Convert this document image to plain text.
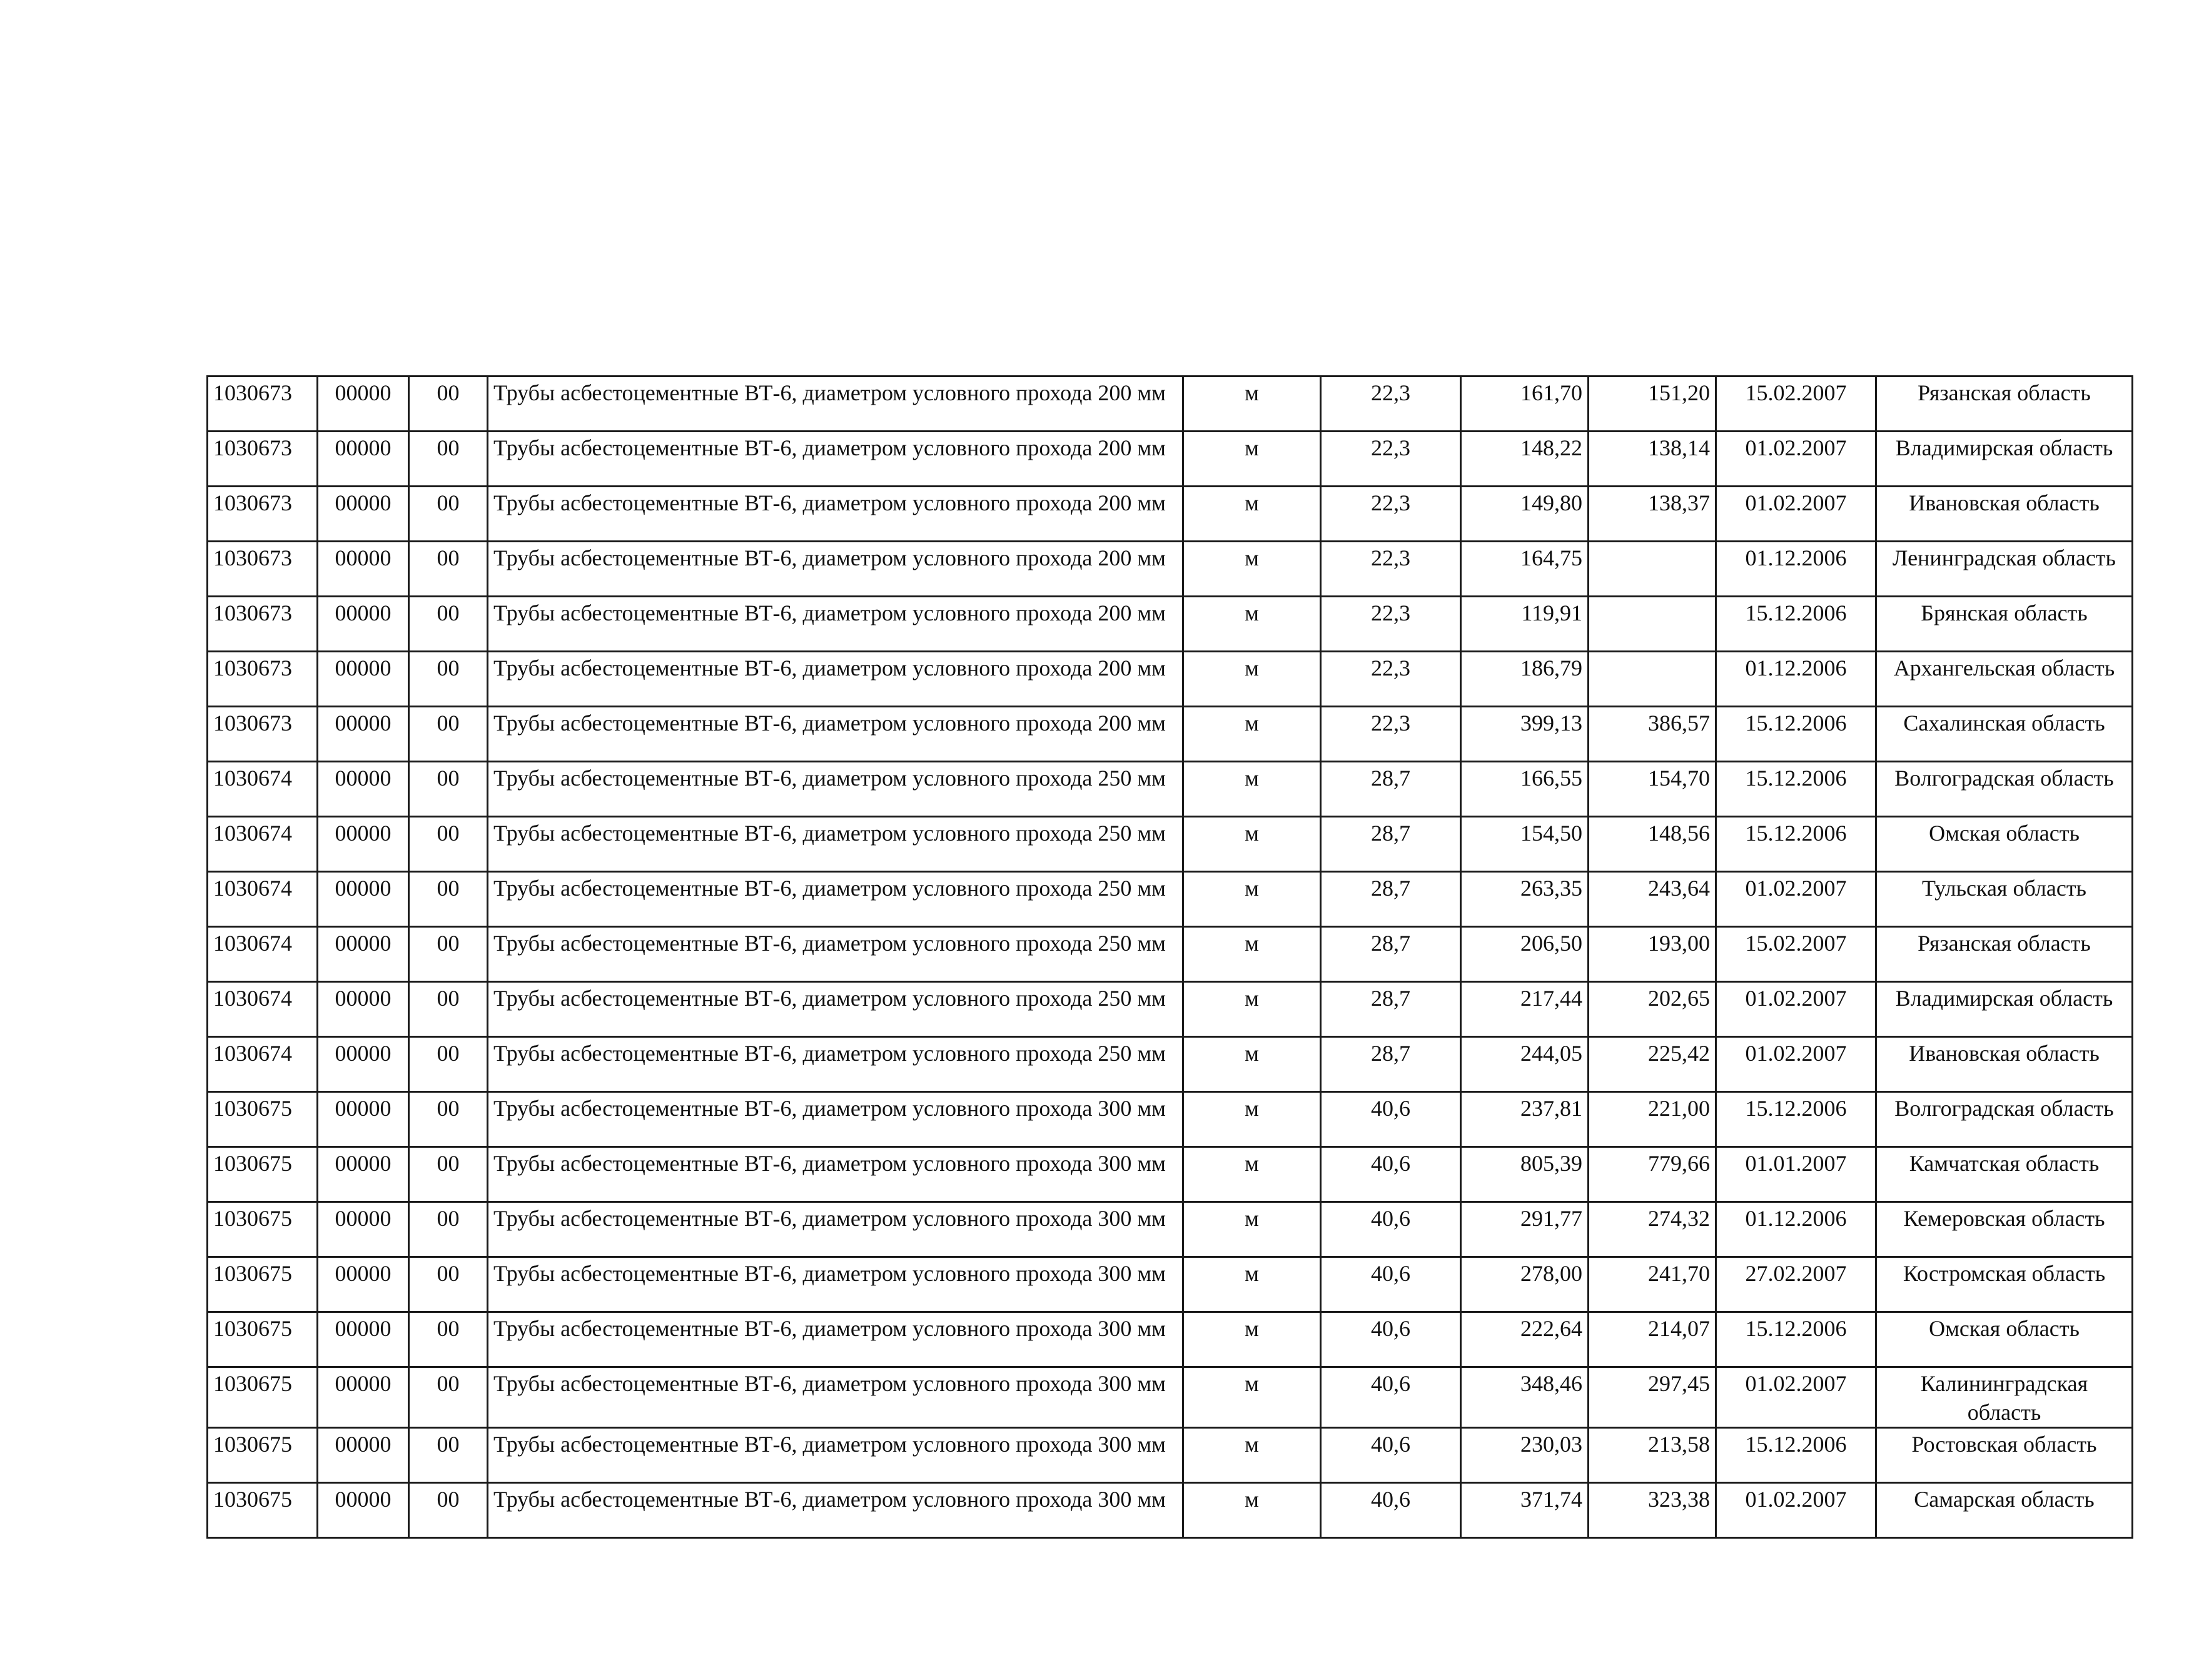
1030673	00000	00	Трубы асбестоцементные ВТ-6, диаметром условного прохода 200 мм	м	22,3	161,70	151,20	15.02.2007	Рязанская область
1030673	00000	00	Трубы асбестоцементные ВТ-6, диаметром условного прохода 200 мм	м	22,3	148,22	138,14	01.02.2007	Владимирская область
1030673	00000	00	Трубы асбестоцементные ВТ-6, диаметром условного прохода 200 мм	м	22,3	149,80	138,37	01.02.2007	Ивановская область
1030673	00000	00	Трубы асбестоцементные ВТ-6, диаметром условного прохода 200 мм	м	22,3	164,75		01.12.2006	Ленинградская область
1030673	00000	00	Трубы асбестоцементные ВТ-6, диаметром условного прохода 200 мм	м	22,3	119,91		15.12.2006	Брянская область
1030673	00000	00	Трубы асбестоцементные ВТ-6, диаметром условного прохода 200 мм	м	22,3	186,79		01.12.2006	Архангельская область
1030673	00000	00	Трубы асбестоцементные ВТ-6, диаметром условного прохода 200 мм	м	22,3	399,13	386,57	15.12.2006	Сахалинская область
1030674	00000	00	Трубы асбестоцементные ВТ-6, диаметром условного прохода 250 мм	м	28,7	166,55	154,70	15.12.2006	Волгоградская область
1030674	00000	00	Трубы асбестоцементные ВТ-6, диаметром условного прохода 250 мм	м	28,7	154,50	148,56	15.12.2006	Омская область
1030674	00000	00	Трубы асбестоцементные ВТ-6, диаметром условного прохода 250 мм	м	28,7	263,35	243,64	01.02.2007	Тульская область
1030674	00000	00	Трубы асбестоцементные ВТ-6, диаметром условного прохода 250 мм	м	28,7	206,50	193,00	15.02.2007	Рязанская область
1030674	00000	00	Трубы асбестоцементные ВТ-6, диаметром условного прохода 250 мм	м	28,7	217,44	202,65	01.02.2007	Владимирская область
1030674	00000	00	Трубы асбестоцементные ВТ-6, диаметром условного прохода 250 мм	м	28,7	244,05	225,42	01.02.2007	Ивановская область
1030675	00000	00	Трубы асбестоцементные ВТ-6, диаметром условного прохода 300 мм	м	40,6	237,81	221,00	15.12.2006	Волгоградская область
1030675	00000	00	Трубы асбестоцементные ВТ-6, диаметром условного прохода 300 мм	м	40,6	805,39	779,66	01.01.2007	Камчатская область
1030675	00000	00	Трубы асбестоцементные ВТ-6, диаметром условного прохода 300 мм	м	40,6	291,77	274,32	01.12.2006	Кемеровская область
1030675	00000	00	Трубы асбестоцементные ВТ-6, диаметром условного прохода 300 мм	м	40,6	278,00	241,70	27.02.2007	Костромская область
1030675	00000	00	Трубы асбестоцементные ВТ-6, диаметром условного прохода 300 мм	м	40,6	222,64	214,07	15.12.2006	Омская область
1030675	00000	00	Трубы асбестоцементные ВТ-6, диаметром условного прохода 300 мм	м	40,6	348,46	297,45	01.02.2007	Калининградская область
1030675	00000	00	Трубы асбестоцементные ВТ-6, диаметром условного прохода 300 мм	м	40,6	230,03	213,58	15.12.2006	Ростовская область
1030675	00000	00	Трубы асбестоцементные ВТ-6, диаметром условного прохода 300 мм	м	40,6	371,74	323,38	01.02.2007	Самарская область
